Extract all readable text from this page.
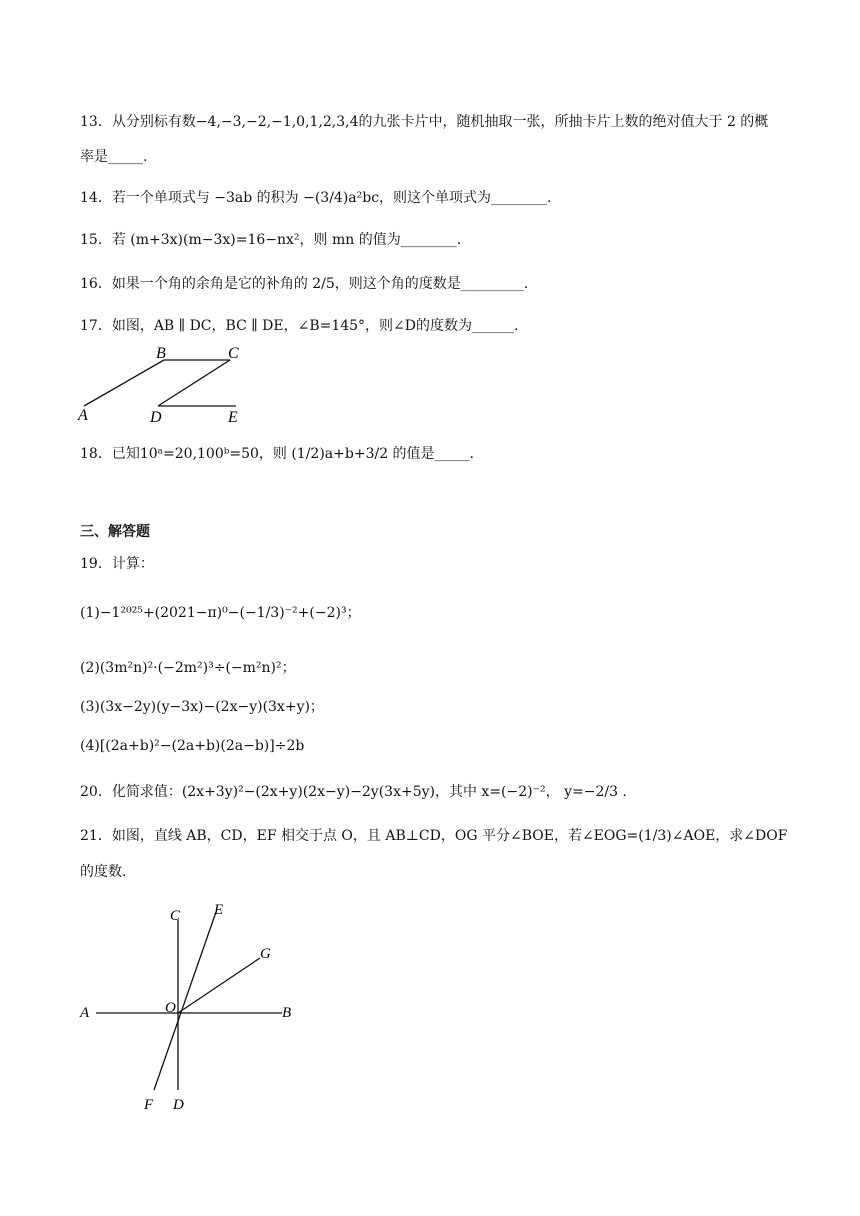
13．从分别标有数−4,−3,−2,−1,0,1,2,3,4的九张卡片中，随机抽取一张，所抽卡片上数的绝对值大于 2 的概
率是_____.
14．若一个单项式与 −3ab 的积为 −(3/4)a²bc，则这个单项式为________.
15．若 (m+3x)(m−3x)=16−nx²，则 mn 的值为________.
16．如果一个角的余角是它的补角的 2/5，则这个角的度数是_________.
17．如图，AB ∥ DC，BC ∥ DE，∠B=145°，则∠D的度数为______.
B	C
A	D	E
18．已知10ᵃ=20,100ᵇ=50，则 (1/2)a+b+3/2 的值是_____.
三、解答题
19．计算：
(1)−1²⁰²⁵+(2021−π)⁰−(−1/3)⁻²+(−2)³；
(2)(3m²n)²·(−2m²)³÷(−m²n)²；
(3)(3x−2y)(y−3x)−(2x−y)(3x+y)；
(4)[(2a+b)²−(2a+b)(2a−b)]÷2b
20．化简求值：(2x+3y)²−(2x+y)(2x−y)−2y(3x+5y)，其中 x=(−2)⁻²， y=−2/3 .
21．如图，直线 AB，CD，EF 相交于点 O，且 AB⊥CD，OG 平分∠BOE，若∠EOG=(1/3)∠AOE，求∠DOF
的度数.
C E
G
A	O	B
F D
